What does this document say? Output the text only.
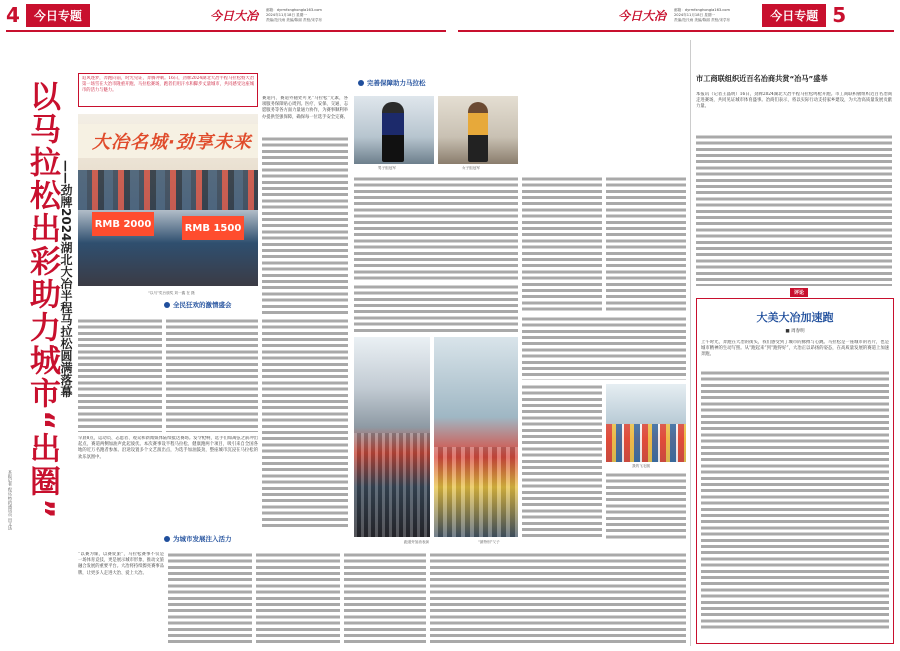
4	今日专题	今日大冶 邮箱：dyrmfxnghongla163.com
2024年11月18日 星期一
责编/范氏雨 美编/陈丽 责校/宋学东	今日大冶 邮箱：dyrmfxnghongla163.com
2024年11月18日 星期一
责编/范氏雨 美编/陈丽 责校/宋学东	今日专题 5
以马拉松出彩助力城市“出圈” ——劲牌2024湖北大冶半程马拉松圆满落幕
本报记者 程远 特约通讯员 田文达
追风逐梦，奔跑向前，时光见证，奔腾冲刺。16日，劲牌2024湖北大冶半程马拉松暨大冶第一场雪在大冶市隆重开跑。马拉松赛场，跑者们用汗水和脚步丈量城市，共同感受这座城市的活力与魅力。
大冶名城·劲享未来
RMB 2000	RMB 1500
“以马”奖台颁奖 刘一鑫 在 摄
全民狂欢的激情盛会
早晨8点，运动员、志愿者、观众和新闻媒体陆续抵达赛场。发令枪响，选手们如离弦之箭冲出起点，赛道两侧加油声此起彼伏。本次赛事设半程马拉松、健康跑两个项目，吸引来自全国各地的近万名跑者参加。沿途设置多个文艺演出点，为选手加油鼓劲，整座城市沉浸在马拉松的欢乐氛围中。
为城市发展注入活力
“以赛为媒，以赛促旅”，马拉松赛事不仅是一场体育竞技，更是展示城市形象、推动文旅融合发展的重要平台。大冶将持续擦亮赛事品牌，让更多人走进大冶、爱上大冶。
完善保障助力马拉松
赛道内、赛道外随处可见“马拉松”元素，各项服务保障贴心周到。医疗、安保、交通、志愿服务等各方面力量通力协作，为赛事顺利举办提供坚强保障，确保每一位选手安全完赛。
男子组冠军	女子组冠军
跑道旁加油表演	“最特别”父子
我的飞毛腿
市工商联组织近百名冶商共赏“冶马”盛举
本报讯（记者王晶明）16日，劲牌2024湖北大冶半程马拉松鸣枪开跑。市工商联积极组织近百名冶商走进赛场，共同见证城市体育盛事。冶商们表示，将以实际行动支持家乡建设，为大冶高质量发展贡献力量。
评论
大美大冶加速跑
■ 周春明
上午时光，奔跑在大冶的街头，我们感受到了城市的脉搏与心跳。马拉松是一座城市的名片，也是城市精神的生动写照。从“跑起来”到“跑得好”，大冶正以昂扬的姿态，在高质量发展的赛道上加速奔跑。
